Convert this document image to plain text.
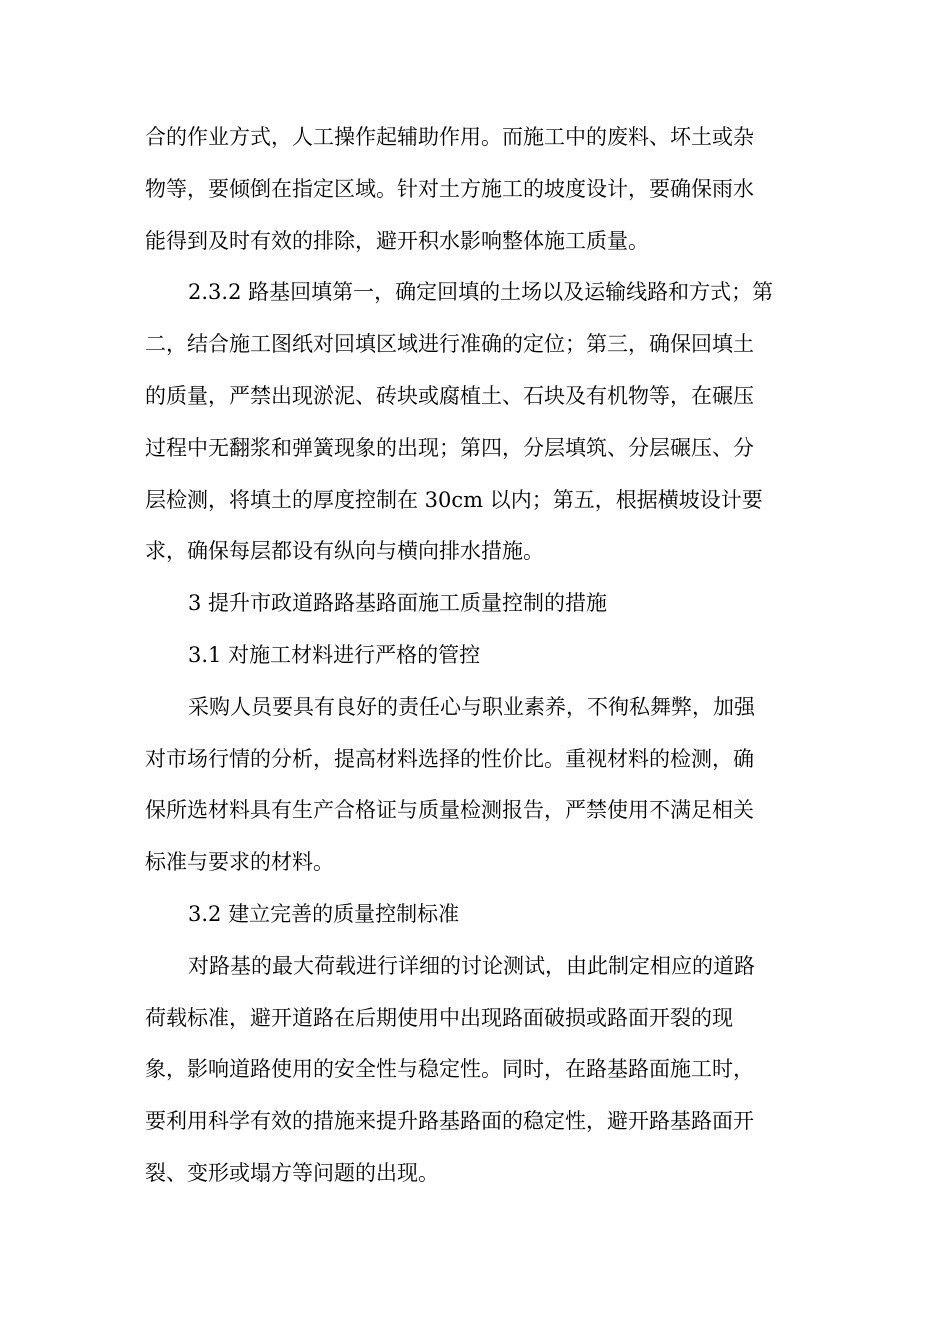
合的作业方式，人工操作起辅助作用。而施工中的废料、坏土或杂
物等，要倾倒在指定区域。针对土方施工的坡度设计，要确保雨水
能得到及时有效的排除，避开积水影响整体施工质量。
2.3.2 路基回填第一，确定回填的土场以及运输线路和方式；第
二，结合施工图纸对回填区域进行准确的定位；第三，确保回填土
的质量，严禁出现淤泥、砖块或腐植土、石块及有机物等，在碾压
过程中无翻浆和弹簧现象的出现；第四，分层填筑、分层碾压、分
层检测，将填土的厚度控制在 30cm 以内；第五，根据横坡设计要
求，确保每层都设有纵向与横向排水措施。
3 提升市政道路路基路面施工质量控制的措施
3.1 对施工材料进行严格的管控
采购人员要具有良好的责任心与职业素养，不徇私舞弊，加强
对市场行情的分析，提高材料选择的性价比。重视材料的检测，确
保所选材料具有生产合格证与质量检测报告，严禁使用不满足相关
标准与要求的材料。
3.2 建立完善的质量控制标准
对路基的最大荷载进行详细的讨论测试，由此制定相应的道路
荷载标准，避开道路在后期使用中出现路面破损或路面开裂的现
象，影响道路使用的安全性与稳定性。同时，在路基路面施工时，
要利用科学有效的措施来提升路基路面的稳定性，避开路基路面开
裂、变形或塌方等问题的出现。
